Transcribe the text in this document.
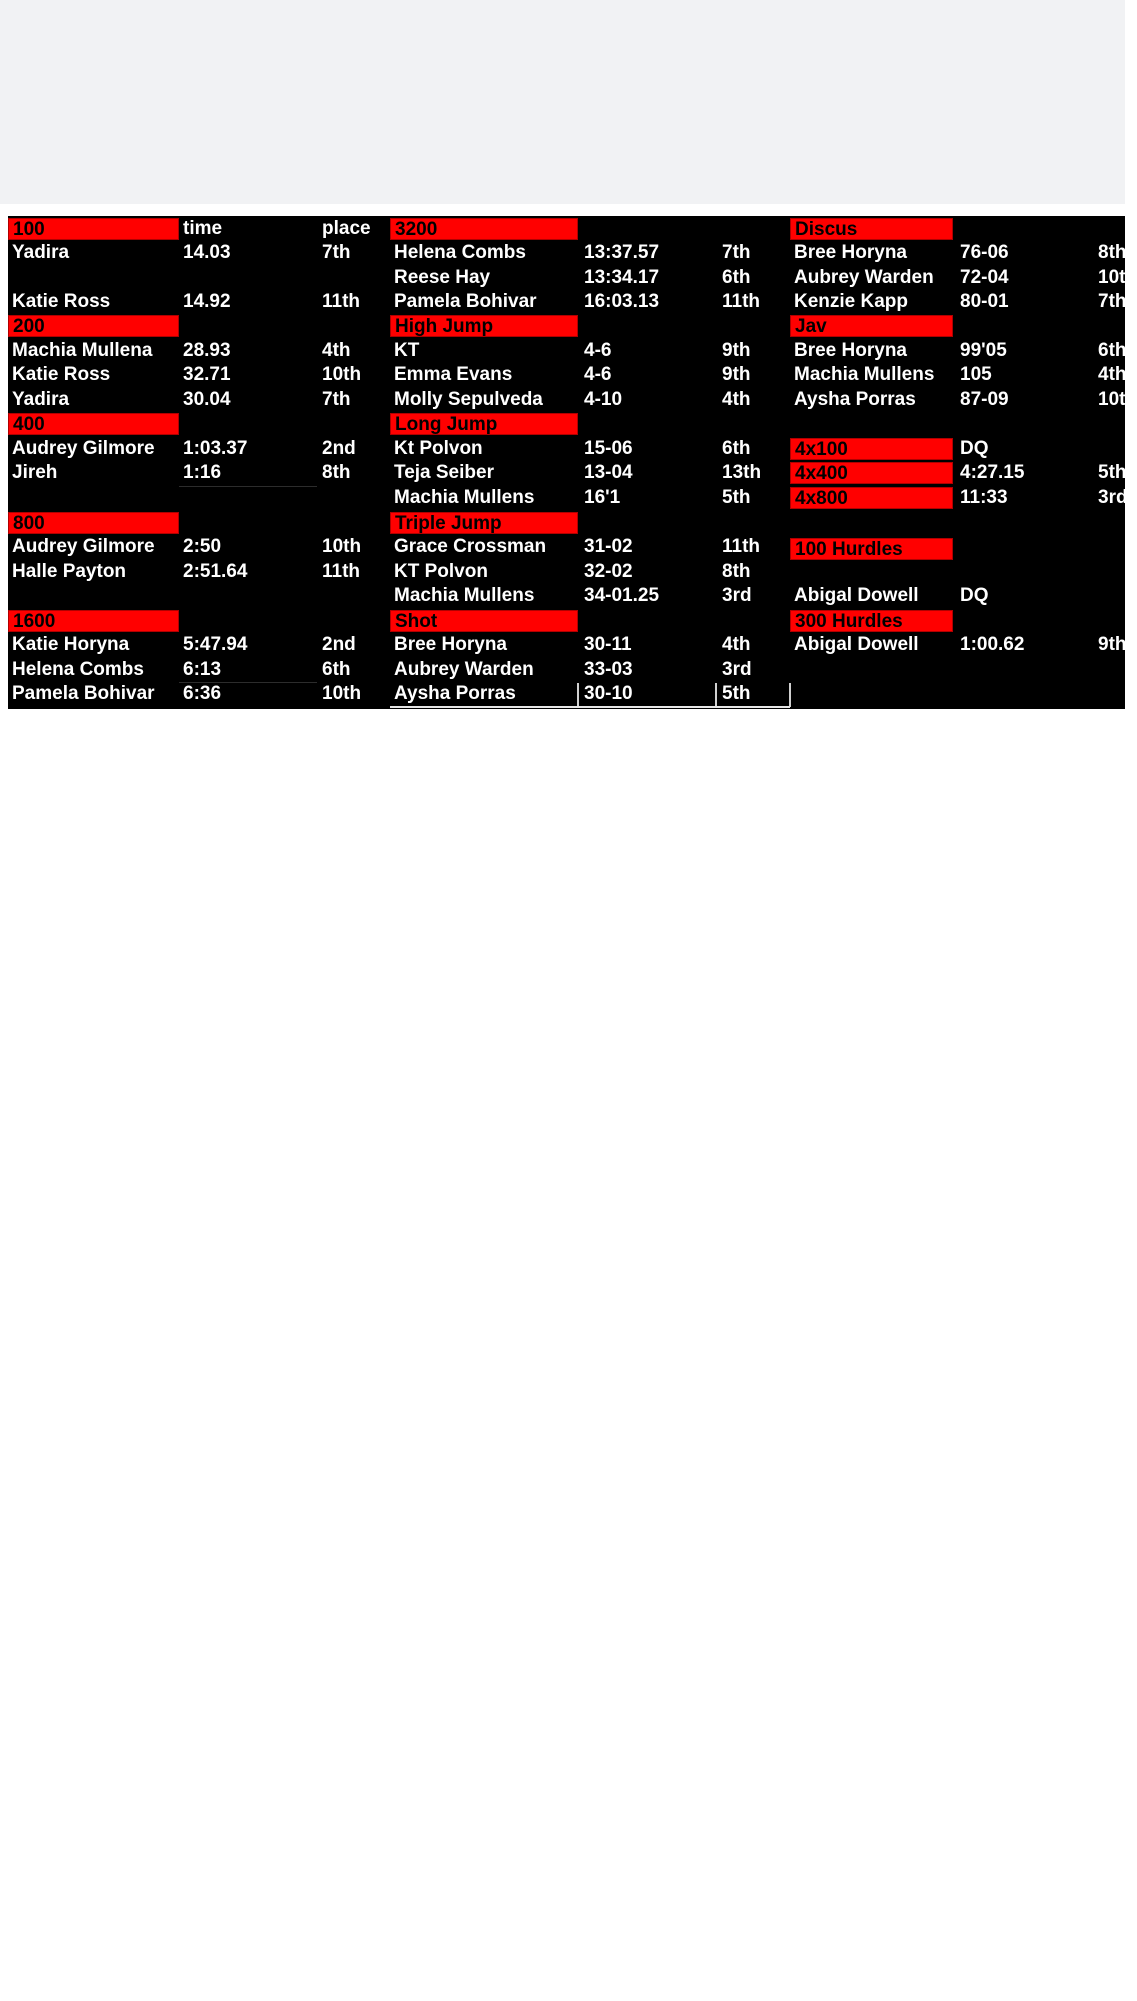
100	time	place
Yadira	14.03	7th
Katie Ross	14.92	11th
200
Machia Mullena 28.93	4th
Katie Ross	32.71	10th
Yadira	30.04	7th
400
Audrey Gilmore 1:03.37	2nd
Jireh	1:16	8th
800
Audrey Gilmore 2:50	10th
Halle Payton	2:51.64	11th
1600
Katie Horyna	5:47.94	2nd
Helena Combs 6:13	6th
Pamela Bohivar 6:36	10th
3200
Helena Combs	13:37.57	7th
Reese Hay	13:34.17	6th
Pamela Bohivar 16:03.13	11th
High Jump
KT	4-6	9th
Emma Evans	4-6	9th
Molly Sepulveda 4-10	4th
Long Jump
Kt Polvon	15-06	6th
Teja Seiber	13-04	13th
Machia Mullens	16'1	5th
Triple Jump
Grace Crossman 31-02	11th
KT Polvon	32-02	8th
Machia Mullens	34-01.25	3rd
Shot
Bree Horyna	30-11	4th
Aubrey Warden	33-03	3rd
Aysha Porras	30-10	5th
Discus
Bree Horyna	76-06	8th
Aubrey Warden 72-04	10th
Kenzie Kapp	80-01	7th
Jav
Bree Horyna	99'05	6th
Machia Mullens 105	4th
Aysha Porras 87-09	10th
4x100	DQ
4x400	4:27.15	5th
4x800	11:33	3rd
100 Hurdles
Abigal Dowell DQ
300 Hurdles
Abigal Dowell 1:00.62	9th
